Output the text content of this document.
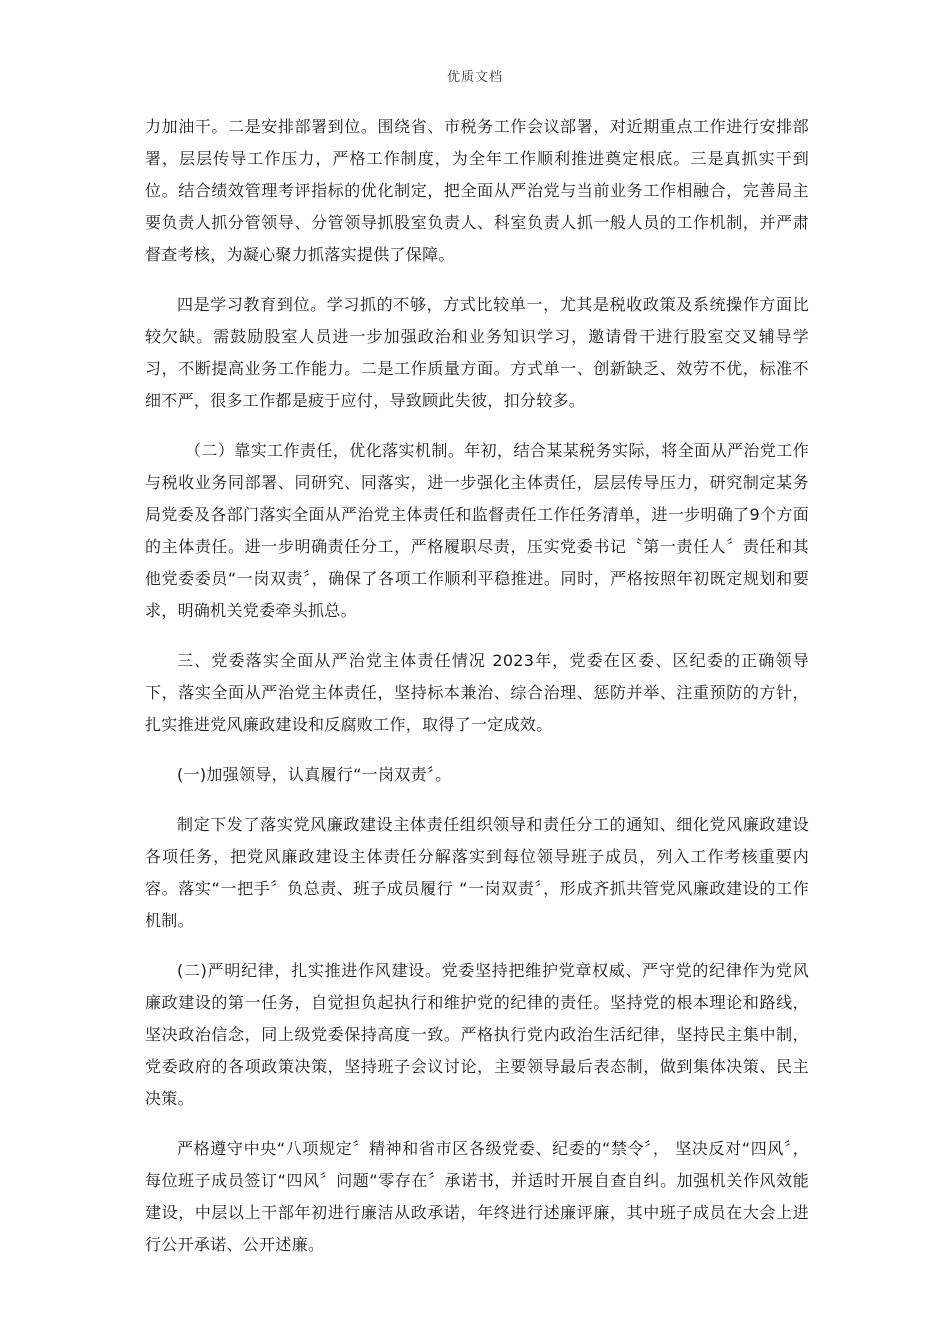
优质文档

力加油干。二是安排部署到位。围绕省、市税务工作会议部署，对近期重点工作进行安排部署，层层传导工作压力，严格工作制度，为全年工作顺利推进奠定根底。三是真抓实干到位。结合绩效管理考评指标的优化制定，把全面从严治党与当前业务工作相融合，完善局主要负责人抓分管领导、分管领导抓股室负责人、科室负责人抓一般人员的工作机制，并严肃督查考核，为凝心聚力抓落实提供了保障。

四是学习教育到位。学习抓的不够，方式比较单一，尤其是税收政策及系统操作方面比较欠缺。需鼓励股室人员进一步加强政治和业务知识学习，邀请骨干进行股室交叉辅导学习，不断提高业务工作能力。二是工作质量方面。方式单一、创新缺乏、效劳不优，标准不细不严，很多工作都是疲于应付，导致顾此失彼，扣分较多。

（二）靠实工作责任，优化落实机制。年初，结合某某税务实际，将全面从严治党工作与税收业务同部署、同研究、同落实，进一步强化主体责任，层层传导压力，研究制定某务局党委及各部门落实全面从严治党主体责任和监督责任工作任务清单，进一步明确了9个方面的主体责任。进一步明确责任分工，严格履职尽责，压实党委书记〝第一责任人〞责任和其他党委委员“一岗双责〞，确保了各项工作顺利平稳推进。同时，严格按照年初既定规划和要求，明确机关党委牵头抓总。

三、党委落实全面从严治党主体责任情况 2023年，党委在区委、区纪委的正确领导下，落实全面从严治党主体责任，坚持标本兼治、综合治理、惩防并举、注重预防的方针，扎实推进党风廉政建设和反腐败工作，取得了一定成效。

(一)加强领导，认真履行“一岗双责〞。

制定下发了落实党风廉政建设主体责任组织领导和责任分工的通知、细化党风廉政建设各项任务，把党风廉政建设主体责任分解落实到每位领导班子成员，列入工作考核重要内容。落实“一把手〞负总责、班子成员履行 “一岗双责〞，形成齐抓共管党风廉政建设的工作机制。

(二)严明纪律，扎实推进作风建设。党委坚持把维护党章权威、严守党的纪律作为党风廉政建设的第一任务，自觉担负起执行和维护党的纪律的责任。坚持党的根本理论和路线，坚决政治信念，同上级党委保持高度一致。严格执行党内政治生活纪律，坚持民主集中制，党委政府的各项政策决策，坚持班子会议讨论，主要领导最后表态制，做到集体决策、民主决策。

严格遵守中央“八项规定〞精神和省市区各级党委、纪委的“禁令〞， 坚决反对“四风〞，每位班子成员签订“四风〞问题“零存在〞承诺书，并适时开展自查自纠。加强机关作风效能建设，中层以上干部年初进行廉洁从政承诺，年终进行述廉评廉，其中班子成员在大会上进行公开承诺、公开述廉。
